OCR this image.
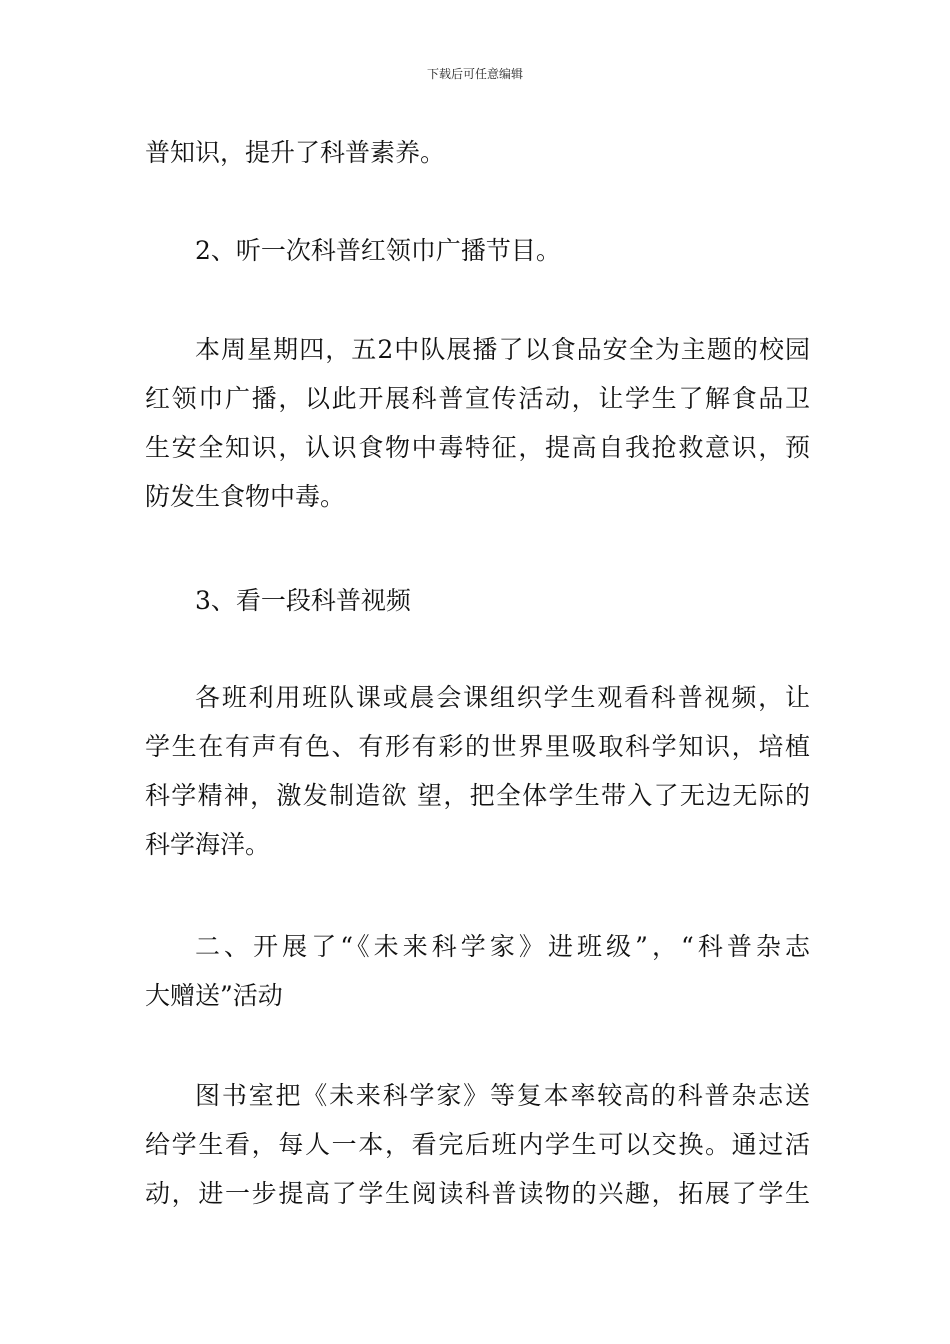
下载后可任意编辑
普知识，提升了科普素养。
2、听一次科普红领巾广播节目。
本周星期四，五2中队展播了以食品安全为主题的校园
红领巾广播，以此开展科普宣传活动，让学生了解食品卫
生安全知识，认识食物中毒特征，提高自我抢救意识，预
防发生食物中毒。
3、看一段科普视频
各班利用班队课或晨会课组织学生观看科普视频，让
学生在有声有色、有形有彩的世界里吸取科学知识，培植
科学精神，激发制造欲 望，把全体学生带入了无边无际的
科学海洋。
二、开展了“《未来科学家》进班级”，“科普杂志
大赠送”活动
图书室把《未来科学家》等复本率较高的科普杂志送
给学生看，每人一本，看完后班内学生可以交换。通过活
动，进一步提高了学生阅读科普读物的兴趣，拓展了学生
